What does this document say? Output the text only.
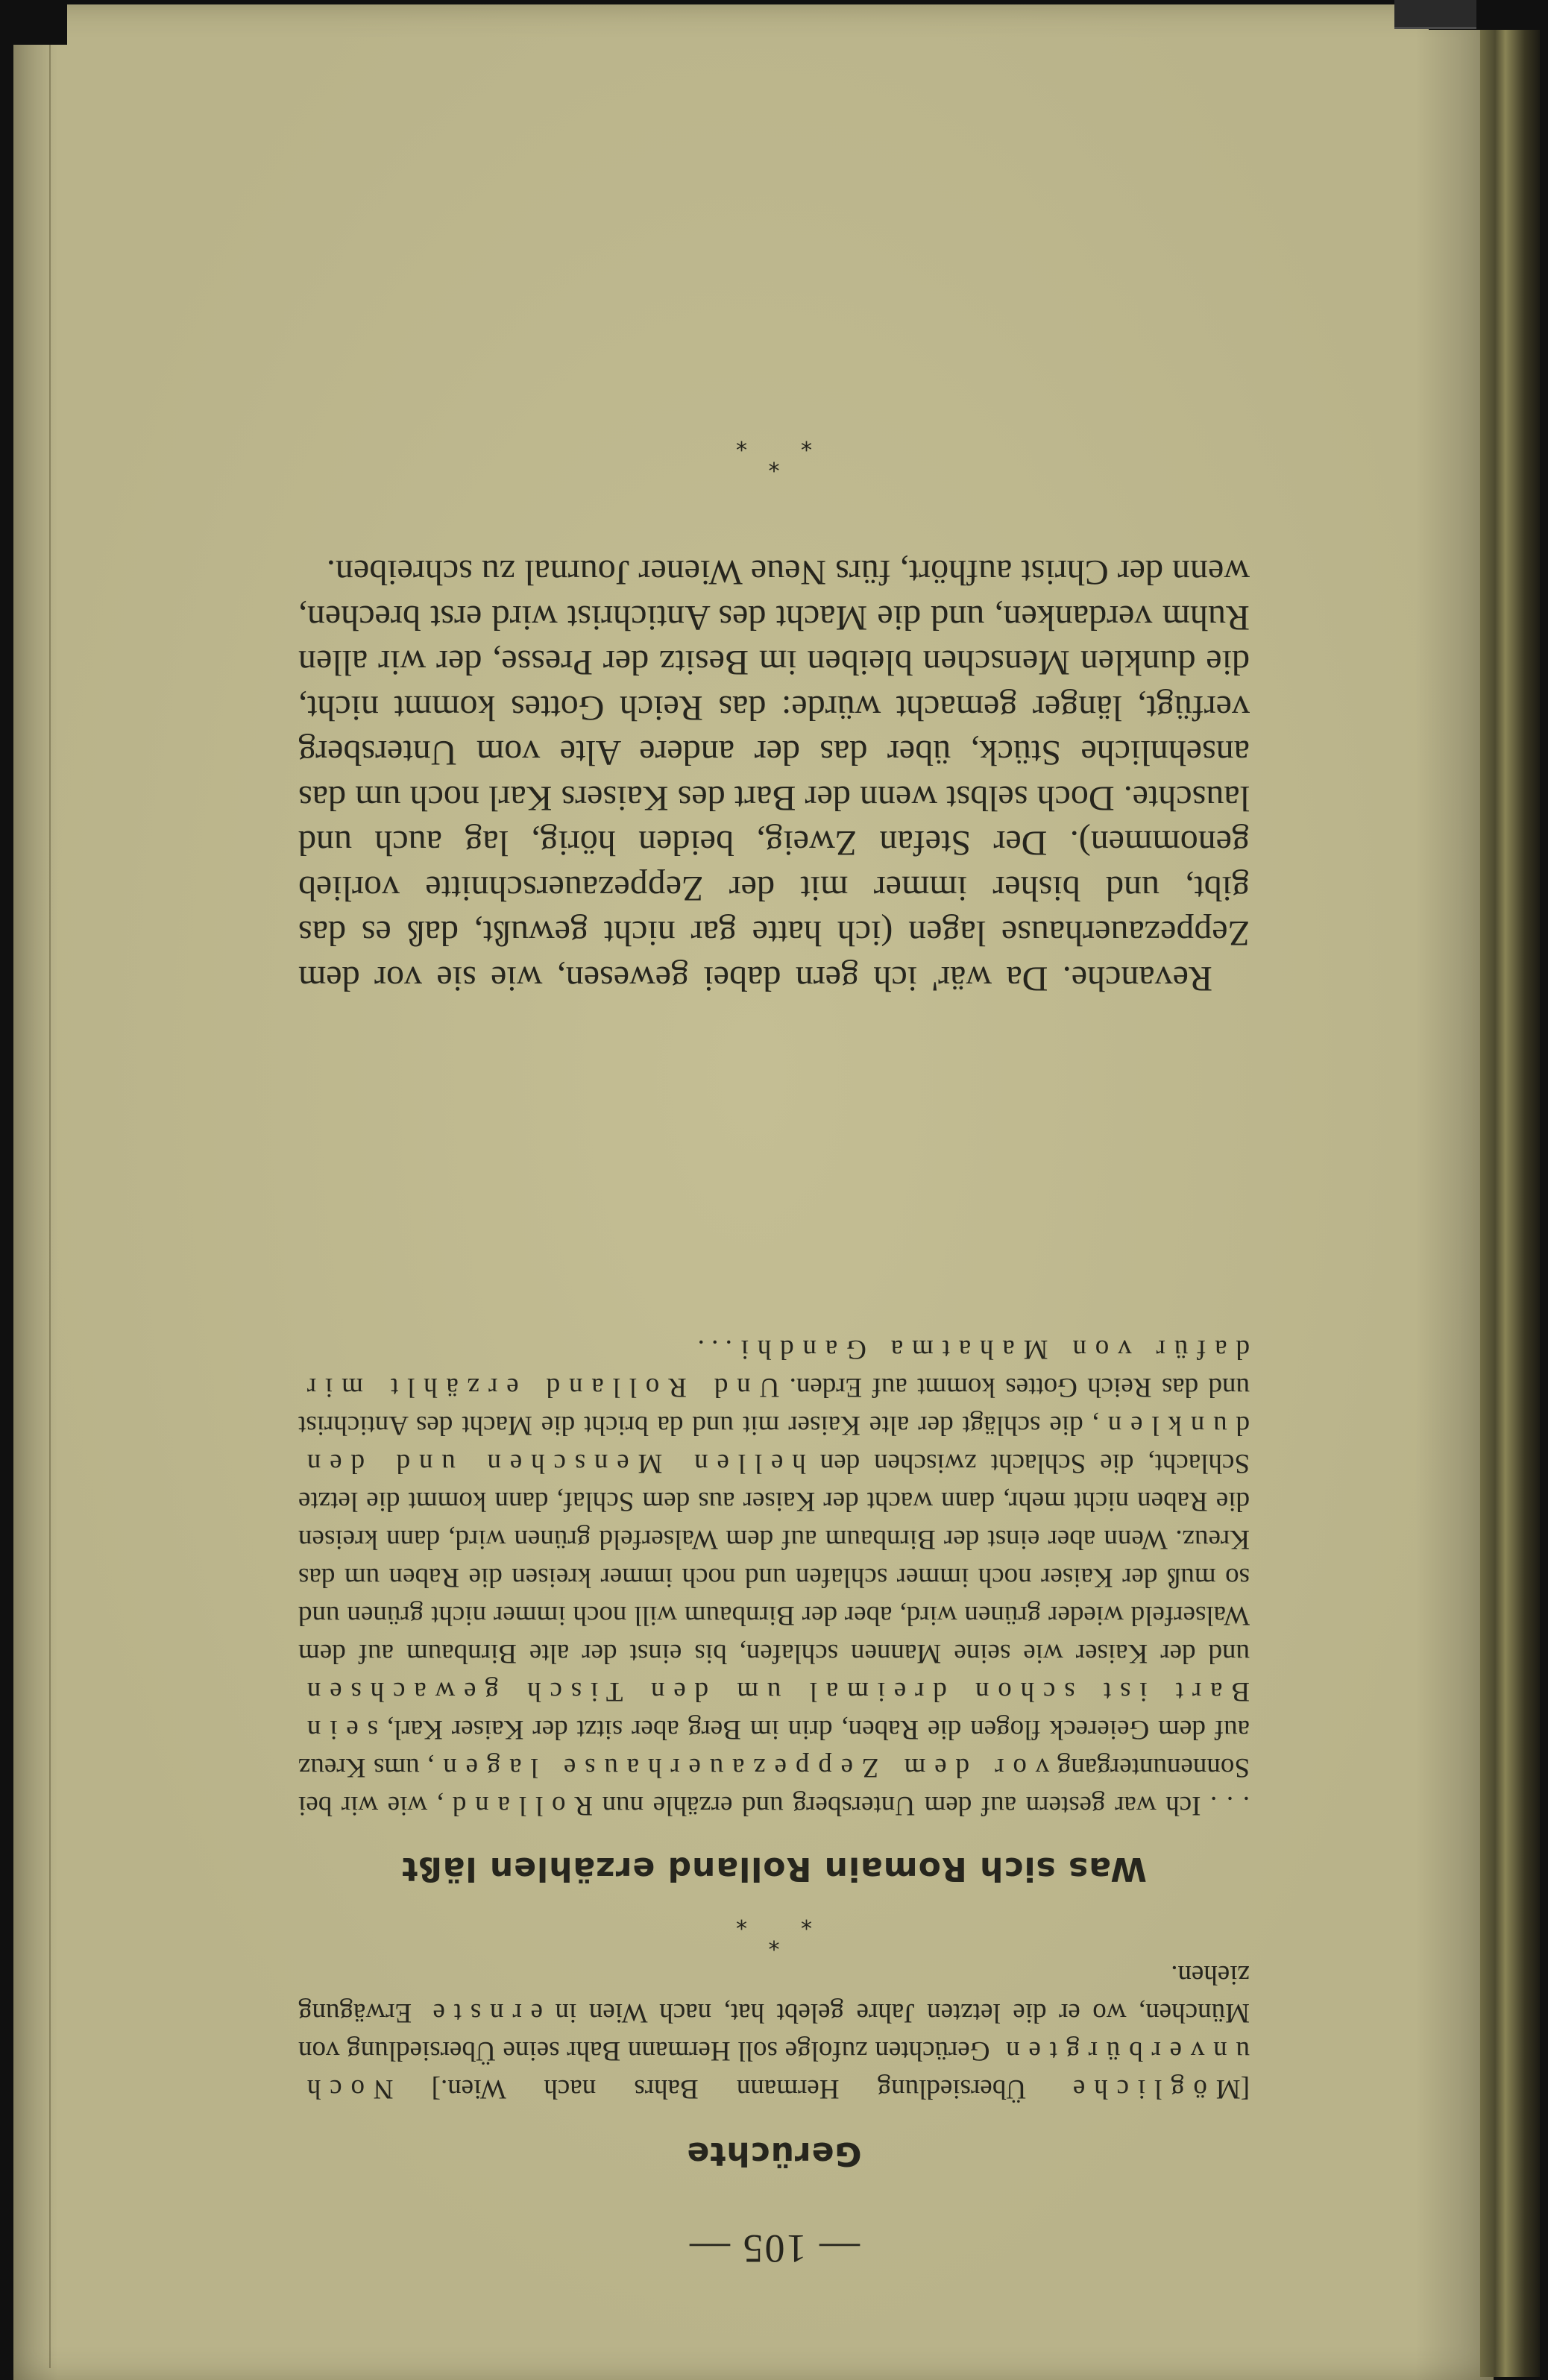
— 105 —
Gerüchte

[Mögliche Übersiedlung Hermann Bahrs nach Wien.] Noch unverbürgten Gerüchten zufolge soll Hermann Bahr seine Übersiedlung von München, wo er die letzten Jahre gelebt hat, nach Wien in ernste Erwägung ziehen.

*
**
Was sich Romain Rolland erzählen läßt

. . . Ich war gestern auf dem Untersberg und erzähle nun Rolland, wie wir bei Sonnenuntergang vor dem Zeppezauerhause lagen, ums Kreuz auf dem Geiereck flogen die Raben, drin im Berg aber sitzt der Kaiser Karl, sein Bart ist schon dreimal um den Tisch gewachsen und der Kaiser wie seine Mannen schlafen, bis einst der alte Birnbaum auf dem Walserfeld wieder grünen wird, aber der Birnbaum will noch immer nicht grünen und so muß der Kaiser noch immer schlafen und noch immer kreisen die Raben um das Kreuz. Wenn aber einst der Birnbaum auf dem Walserfeld grünen wird, dann kreisen die Raben nicht mehr, dann wacht der Kaiser aus dem Schlaf, dann kommt die letzte Schlacht, die Schlacht zwischen den hellen Menschen und den dunklen, die schlägt der alte Kaiser mit und da bricht die Macht des Antichrist und das Reich Gottes kommt auf Erden. Und Rolland erzählt mir dafür von Mahatma Gandhi. . .

Revanche. Da wär' ich gern dabei gewesen, wie sie vor dem Zeppezauerhause lagen (ich hatte gar nicht gewußt, daß es das gibt, und bisher immer mit der Zeppezauerschnitte vorlieb genommen). Der Stefan Zweig, beiden hörig, lag auch und lauschte. Doch selbst wenn der Bart des Kaisers Karl noch um das ansehnliche Stück, über das der andere Alte vom Untersberg verfügt, länger gemacht würde: das Reich Gottes kommt nicht, die dunklen Menschen bleiben im Besitz der Presse, der wir allen Ruhm verdanken, und die Macht des Antichrist wird erst brechen, wenn der Christ aufhört, fürs Neue Wiener Journal zu schreiben.

*
**
